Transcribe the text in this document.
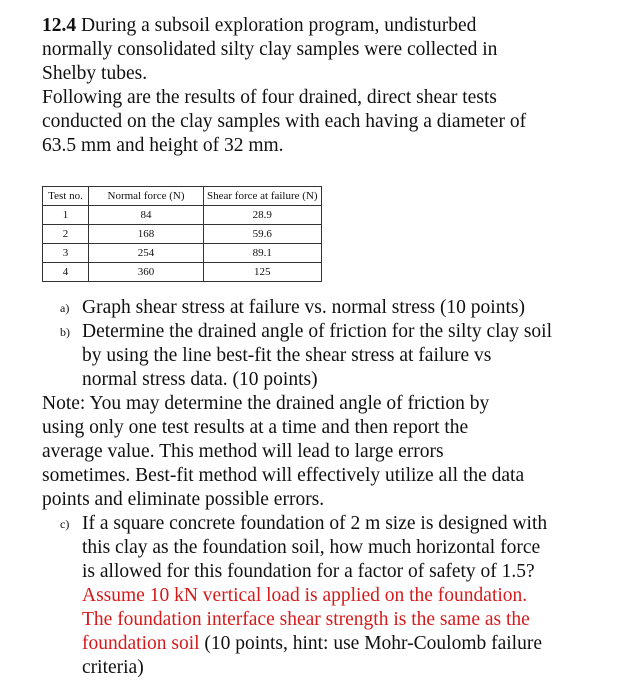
12.4 During a subsoil exploration program, undisturbed

normally consolidated silty clay samples were collected in

Shelby tubes.

Following are the results of four drained, direct shear tests

conducted on the clay samples with each having a diameter of

63.5 mm and height of 32 mm.

Test no.	Normal force (N)	Shear force at failure (N)
1	84	28.9
2	168	59.6
3	254	89.1
4	360	125
a) Graph shear stress at failure vs. normal stress (10 points)
b) Determine the drained angle of friction for the silty clay soil
by using the line best-fit the shear stress at failure vs
normal stress data. (10 points)
Note: You may determine the drained angle of friction by
using only one test results at a time and then report the
average value. This method will lead to large errors
sometimes. Best-fit method will effectively utilize all the data
points and eliminate possible errors.
c) If a square concrete foundation of 2 m size is designed with
this clay as the foundation soil, how much horizontal force
is allowed for this foundation for a factor of safety of 1.5?
Assume 10 kN vertical load is applied on the foundation.
The foundation interface shear strength is the same as the
foundation soil (10 points, hint: use Mohr-Coulomb failure
criteria)
